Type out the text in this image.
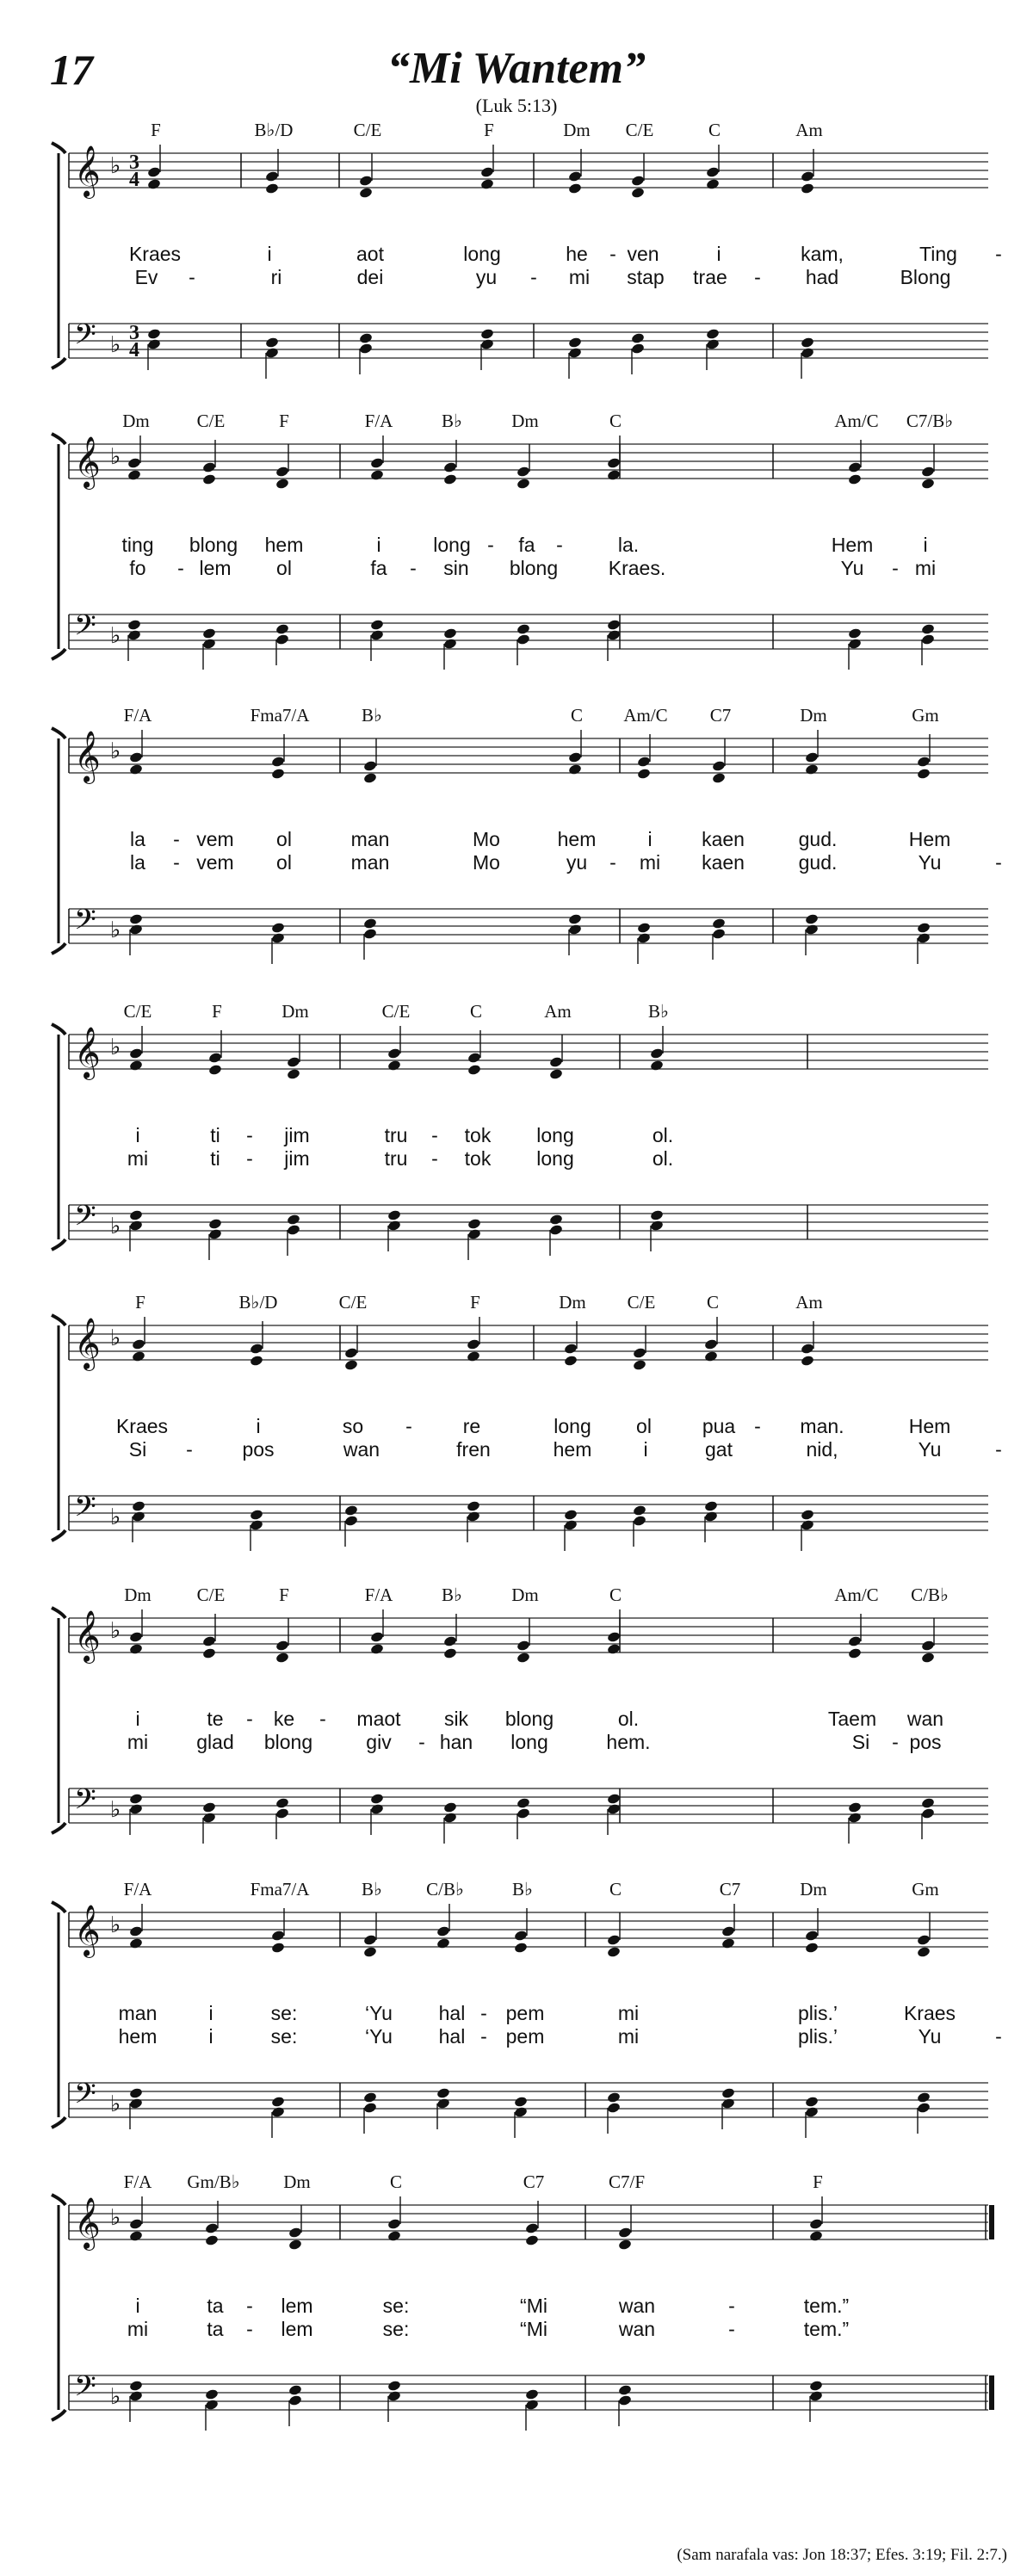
17	“Mi Wantem”
(Luk 5:13)
𝄞 ♭ 3
4
𝄢 ♭ 3
4
F	B♭/D	C/E	F	Dm C/E	C	Am
Kraes	i	aot	long	he - ven	i	kam,	Ting -
Ev -	ri	dei	yu - mi stap trae - had	Blong
𝄞 ♭
𝄢 ♭
Dm	C/E	F	F/A	B♭	Dm	C	Am/C C7/B♭
ting blong hem	i	long - fa -	la.	Hem	i
fo - lem ol	fa - sin blong	Kraes.	Yu - mi
𝄞 ♭
𝄢 ♭
F/A	Fma7/A	B♭	C Am/C C7	Dm	Gm
la - vem ol	man	Mo	hem	i	kaen	gud.	Hem
la - vem ol	man	Mo	yu - mi kaen	gud.	Yu	-
𝄞 ♭
𝄢 ♭
C/E	F	Dm	C/E	C	Am	B♭
i	ti - jim	tru - tok long	ol.
mi	ti - jim	tru - tok long	ol.
𝄞 ♭
𝄢 ♭
F	B♭/D	C/E	F	Dm C/E	C	Am
Kraes	i	so -	re	long ol	pua - man.	Hem
Si -	pos	wan	fren	hem	i	gat	nid,	Yu	-
𝄞 ♭
𝄢 ♭
Dm	C/E	F	F/A	B♭	Dm	C	Am/C C/B♭
i	te - ke - maot sik blong	ol.	Taem wan
mi glad blong	giv - han long	hem.	Si - pos
𝄞 ♭
𝄢 ♭
F/A	Fma7/A	B♭ C/B♭	B♭	C	C7	Dm	Gm
man	i	se:	‘Yu hal - pem	mi	plis.’	Kraes
hem	i	se:	‘Yu hal - pem	mi	plis.’	Yu	-
𝄞 ♭
𝄢 ♭
F/A Gm/B♭ Dm	C	C7	C7/F	F
i	ta - lem	se:	“Mi	wan	-	tem.”
mi	ta - lem	se:	“Mi	wan	-	tem.”
(Sam narafala vas: Jon 18:37; Efes. 3:19; Fil. 2:7.)
